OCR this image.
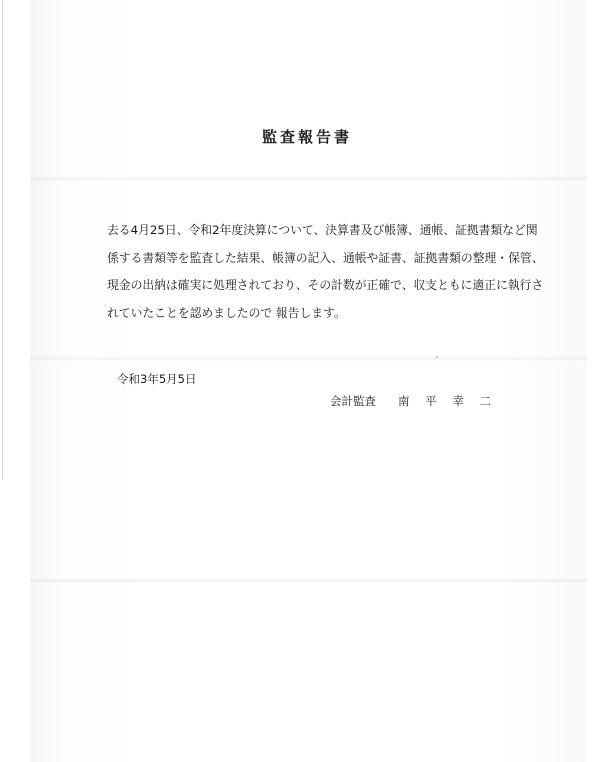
監査報告書
去る4月25日、令和2年度決算について、決算書及び帳簿、通帳、証拠書類など関
係する書類等を監査した結果、帳簿の記入、通帳や証書、証拠書類の整理・保管、
現金の出納は確実に処理されており、その計数が正確で、収支ともに適正に執行さ
れていたことを認めましたので 報告します。
令和3年5月5日
会計監査 南 平 幸 二
